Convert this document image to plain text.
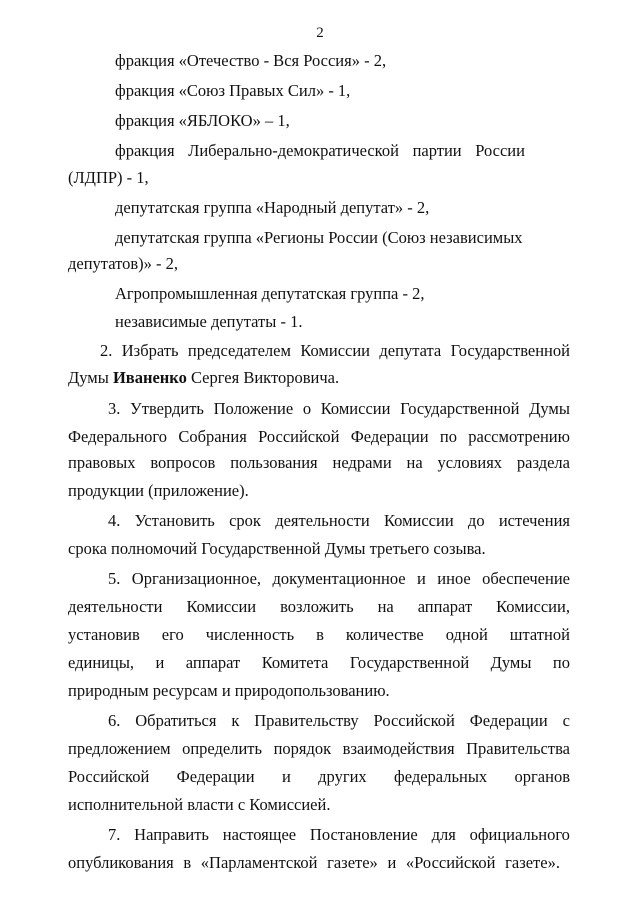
2
фракция «Отечество - Вся Россия» - 2,
фракция «Союз Правых Сил» - 1,
фракция «ЯБЛОКО» – 1,
фракция Либерально-демократической партии России
(ЛДПР) - 1,
депутатская группа «Народный депутат» - 2,
депутатская группа «Регионы России (Союз независимых
депутатов)» - 2,
Агропромышленная депутатская группа - 2,
независимые депутаты - 1.
2. Избрать председателем Комиссии депутата Государственной
Думы Иваненко Сергея Викторовича.
3. Утвердить Положение о Комиссии Государственной Думы
Федерального Собрания Российской Федерации по рассмотрению
правовых вопросов пользования недрами на условиях раздела
продукции (приложение).
4. Установить срок деятельности Комиссии до истечения
срока полномочий Государственной Думы третьего созыва.
5. Организационное, документационное и иное обеспечение
деятельности Комиссии возложить на аппарат Комиссии,
установив его численность в количестве одной штатной
единицы, и аппарат Комитета Государственной Думы по
природным ресурсам и природопользованию.
6. Обратиться к Правительству Российской Федерации с
предложением определить порядок взаимодействия Правительства
Российской Федерации и других федеральных органов
исполнительной власти с Комиссией.
7. Направить настоящее Постановление для официального
опубликования в «Парламентской газете» и «Российской газете».
